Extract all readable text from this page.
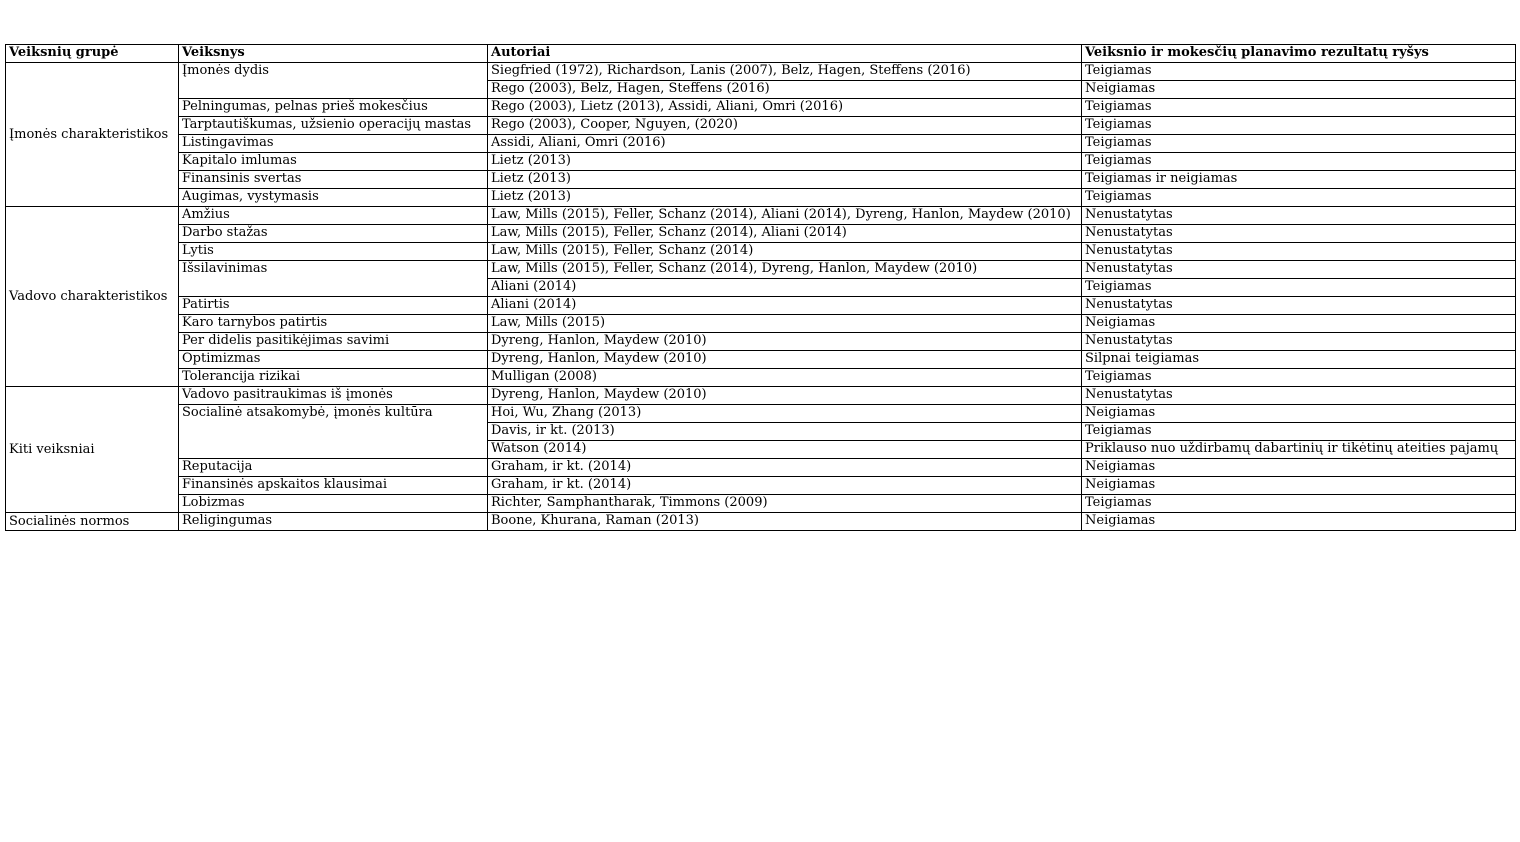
Veiksnių grupė	Veiksnys	Autoriai	Veiksnio ir mokesčių planavimo rezultatų ryšys
Įmonės charakteristikos	Įmonės dydis	Siegfried (1972), Richardson, Lanis (2007), Belz, Hagen, Steffens (2016)	Teigiamas
		Rego (2003), Belz, Hagen, Steffens (2016)	Neigiamas
	Pelningumas, pelnas prieš mokesčius	Rego (2003), Lietz (2013), Assidi, Aliani, Omri (2016)	Teigiamas
	Tarptautiškumas, užsienio operacijų mastas	Rego (2003), Cooper, Nguyen, (2020)	Teigiamas
	Listingavimas	Assidi, Aliani, Omri (2016)	Teigiamas
	Kapitalo imlumas	Lietz (2013)	Teigiamas
	Finansinis svertas	Lietz (2013)	Teigiamas ir neigiamas
	Augimas, vystymasis	Lietz (2013)	Teigiamas
Vadovo charakteristikos	Amžius	Law, Mills (2015), Feller, Schanz (2014), Aliani (2014), Dyreng, Hanlon, Maydew (2010)	Nenustatytas
	Darbo stažas	Law, Mills (2015), Feller, Schanz (2014), Aliani (2014)	Nenustatytas
	Lytis	Law, Mills (2015), Feller, Schanz (2014)	Nenustatytas
	Išsilavinimas	Law, Mills (2015), Feller, Schanz (2014), Dyreng, Hanlon, Maydew (2010)	Nenustatytas
		Aliani (2014)	Teigiamas
	Patirtis	Aliani (2014)	Nenustatytas
	Karo tarnybos patirtis	Law, Mills (2015)	Neigiamas
	Per didelis pasitikėjimas savimi	Dyreng, Hanlon, Maydew (2010)	Nenustatytas
	Optimizmas	Dyreng, Hanlon, Maydew (2010)	Silpnai teigiamas
	Tolerancija rizikai	Mulligan (2008)	Teigiamas
Kiti veiksniai	Vadovo pasitraukimas iš įmonės	Dyreng, Hanlon, Maydew (2010)	Nenustatytas
	Socialinė atsakomybė, įmonės kultūra	Hoi, Wu, Zhang (2013)	Neigiamas
		Davis, ir kt. (2013)	Teigiamas
		Watson (2014)	Priklauso nuo uždirbamų dabartinių ir tikėtinų ateities pajamų
	Reputacija	Graham, ir kt. (2014)	Neigiamas
	Finansinės apskaitos klausimai	Graham, ir kt. (2014)	Neigiamas
	Lobizmas	Richter, Samphantharak, Timmons (2009)	Teigiamas
Socialinės normos	Religingumas	Boone, Khurana, Raman (2013)	Neigiamas
